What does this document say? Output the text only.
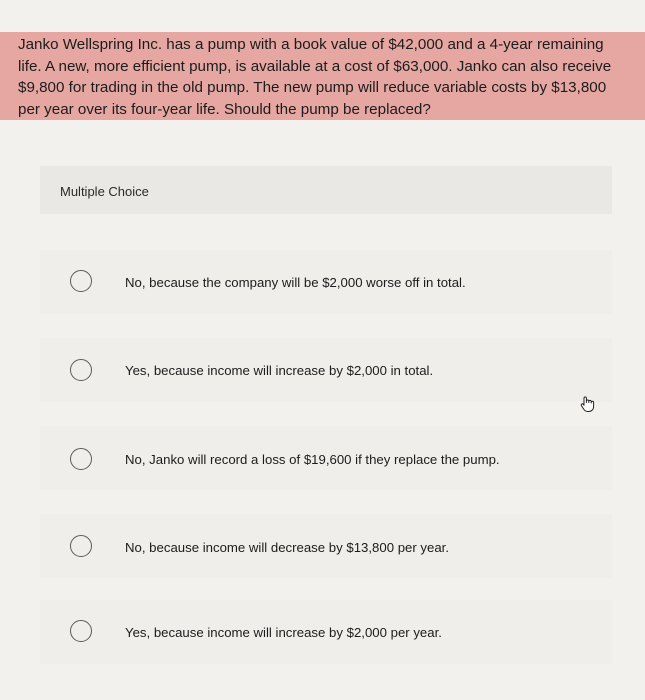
Janko Wellspring Inc. has a pump with a book value of $42,000 and a 4-year remaining life. A new, more efficient pump, is available at a cost of $63,000. Janko can also receive $9,800 for trading in the old pump. The new pump will reduce variable costs by $13,800 per year over its four-year life. Should the pump be replaced?
Multiple Choice
No, because the company will be $2,000 worse off in total.
Yes, because income will increase by $2,000 in total.
No, Janko will record a loss of $19,600 if they replace the pump.
No, because income will decrease by $13,800 per year.
Yes, because income will increase by $2,000 per year.
